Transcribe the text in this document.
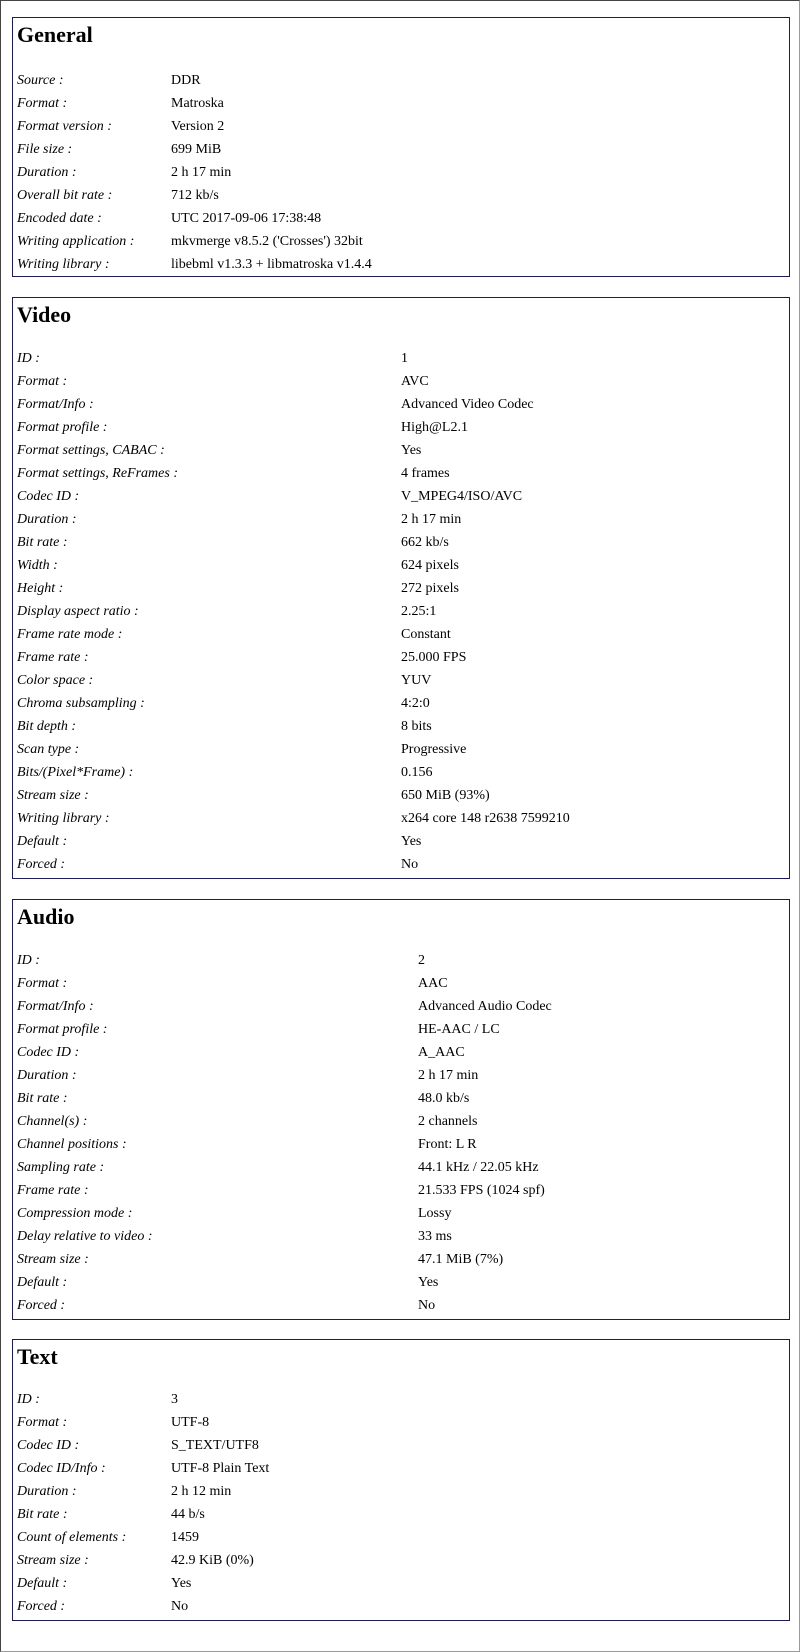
General
Source :	DDR
Format :	Matroska
Format version :	Version 2
File size :	699 MiB
Duration :	2 h 17 min
Overall bit rate :	712 kb/s
Encoded date :	UTC 2017-09-06 17:38:48
Writing application :	mkvmerge v8.5.2 ('Crosses') 32bit
Writing library :	libebml v1.3.3 + libmatroska v1.4.4
Video
ID :	1
Format :	AVC
Format/Info :	Advanced Video Codec
Format profile :	High@L2.1
Format settings, CABAC :	Yes
Format settings, ReFrames :	4 frames
Codec ID :	V_MPEG4/ISO/AVC
Duration :	2 h 17 min
Bit rate :	662 kb/s
Width :	624 pixels
Height :	272 pixels
Display aspect ratio :	2.25:1
Frame rate mode :	Constant
Frame rate :	25.000 FPS
Color space :	YUV
Chroma subsampling :	4:2:0
Bit depth :	8 bits
Scan type :	Progressive
Bits/(Pixel*Frame) :	0.156
Stream size :	650 MiB (93%)
Writing library :	x264 core 148 r2638 7599210
Default :	Yes
Forced :	No
Audio
ID :	2
Format :	AAC
Format/Info :	Advanced Audio Codec
Format profile :	HE-AAC / LC
Codec ID :	A_AAC
Duration :	2 h 17 min
Bit rate :	48.0 kb/s
Channel(s) :	2 channels
Channel positions :	Front: L R
Sampling rate :	44.1 kHz / 22.05 kHz
Frame rate :	21.533 FPS (1024 spf)
Compression mode :	Lossy
Delay relative to video :	33 ms
Stream size :	47.1 MiB (7%)
Default :	Yes
Forced :	No
Text
ID :	3
Format :	UTF-8
Codec ID :	S_TEXT/UTF8
Codec ID/Info :	UTF-8 Plain Text
Duration :	2 h 12 min
Bit rate :	44 b/s
Count of elements :	1459
Stream size :	42.9 KiB (0%)
Default :	Yes
Forced :	No
